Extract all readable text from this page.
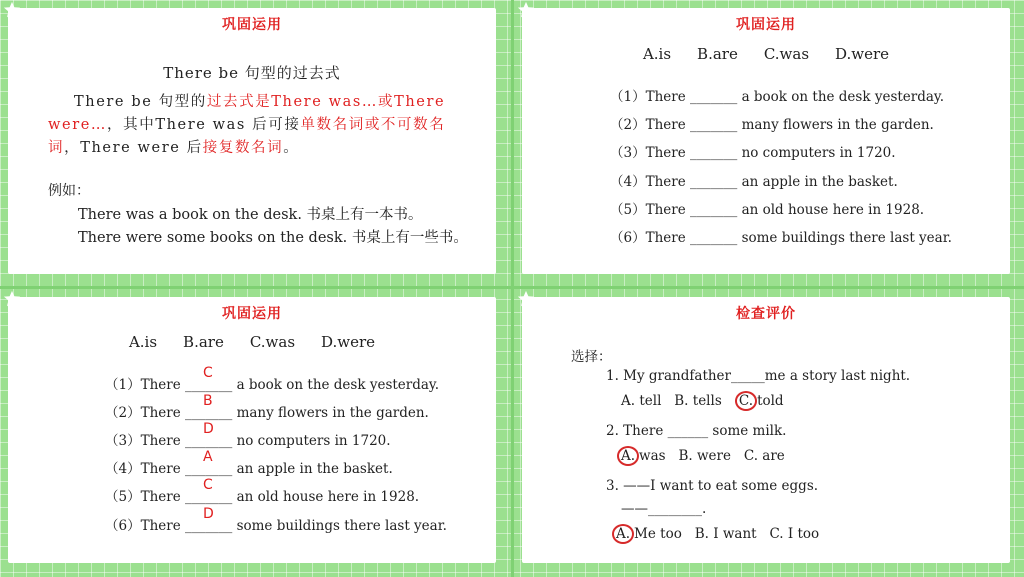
巩固运用
There be 句型的过去式
There be 句型的过去式是There was…或There were…，其中There was 后可接单数名词或不可数名词，There were 后接复数名词。
例如：
There was a book on the desk. 书桌上有一本书。
There were some books on the desk. 书桌上有一些书。
巩固运用
A.is B.are C.was D.were
（1）There _______ a book on the desk yesterday.
（2）There _______ many flowers in the garden.
（3）There _______ no computers in 1720.
（4）There _______ an apple in the basket.
（5）There _______ an old house here in 1928.
（6）There _______ some buildings there last year.
巩固运用
A.is B.are C.was D.were
（1）There _______
C
a book on the desk yesterday.
（2）There _______
B
many flowers in the garden.
（3）There _______
D
no computers in 1720.
（4）There _______
A
an apple in the basket.
（5）There _______
C
an old house here in 1928.
（6）There _______
D
some buildings there last year.
检查评价
选择：
1. My grandfather_____me a story last night.
A. tell B. tells C. told
2. There ______ some milk.
A. was B. were C. are
3. ——I want to eat some eggs.
——________.
A. Me too B. I want C. I too
